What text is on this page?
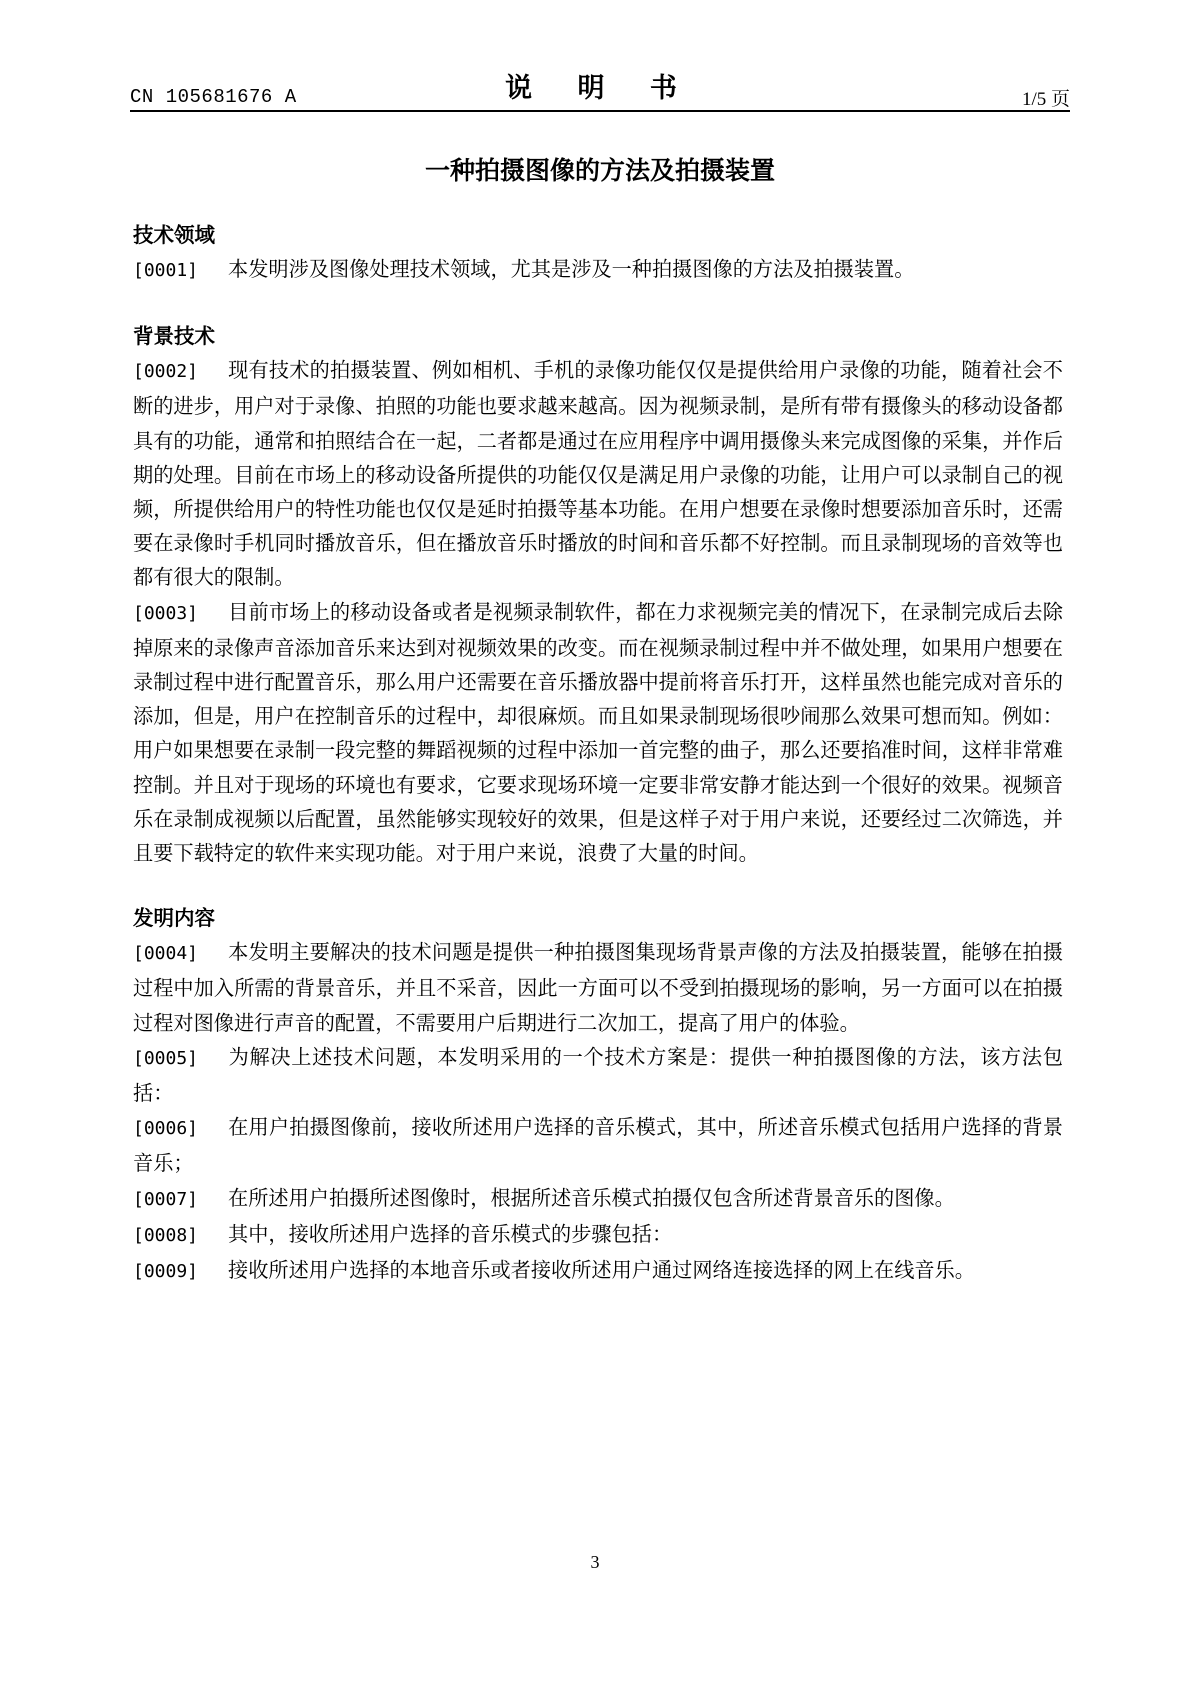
CN 105681676 A	说 明 书	1/5 页
一种拍摄图像的方法及拍摄装置
技术领域
[0001] 本发明涉及图像处理技术领域，尤其是涉及一种拍摄图像的方法及拍摄装置。
背景技术
[0002] 现有技术的拍摄装置、例如相机、手机的录像功能仅仅是提供给用户录像的功能，随着社会不断的进步，用户对于录像、拍照的功能也要求越来越高。因为视频录制，是所有带有摄像头的移动设备都具有的功能，通常和拍照结合在一起，二者都是通过在应用程序中调用摄像头来完成图像的采集，并作后期的处理。目前在市场上的移动设备所提供的功能仅仅是满足用户录像的功能，让用户可以录制自己的视频，所提供给用户的特性功能也仅仅是延时拍摄等基本功能。在用户想要在录像时想要添加音乐时，还需要在录像时手机同时播放音乐，但在播放音乐时播放的时间和音乐都不好控制。而且录制现场的音效等也都有很大的限制。
[0003] 目前市场上的移动设备或者是视频录制软件，都在力求视频完美的情况下，在录制完成后去除掉原来的录像声音添加音乐来达到对视频效果的改变。而在视频录制过程中并不做处理，如果用户想要在录制过程中进行配置音乐，那么用户还需要在音乐播放器中提前将音乐打开，这样虽然也能完成对音乐的添加，但是，用户在控制音乐的过程中，却很麻烦。而且如果录制现场很吵闹那么效果可想而知。例如：用户如果想要在录制一段完整的舞蹈视频的过程中添加一首完整的曲子，那么还要掐准时间，这样非常难控制。并且对于现场的环境也有要求，它要求现场环境一定要非常安静才能达到一个很好的效果。视频音乐在录制成视频以后配置，虽然能够实现较好的效果，但是这样子对于用户来说，还要经过二次筛选，并且要下载特定的软件来实现功能。对于用户来说，浪费了大量的时间。
发明内容
[0004] 本发明主要解决的技术问题是提供一种拍摄图集现场背景声像的方法及拍摄装置，能够在拍摄过程中加入所需的背景音乐，并且不采音，因此一方面可以不受到拍摄现场的影响，另一方面可以在拍摄过程对图像进行声音的配置，不需要用户后期进行二次加工，提高了用户的体验。
[0005] 为解决上述技术问题，本发明采用的一个技术方案是：提供一种拍摄图像的方法，该方法包括：
[0006] 在用户拍摄图像前，接收所述用户选择的音乐模式，其中，所述音乐模式包括用户选择的背景音乐；
[0007] 在所述用户拍摄所述图像时，根据所述音乐模式拍摄仅包含所述背景音乐的图像。
[0008] 其中，接收所述用户选择的音乐模式的步骤包括：
[0009] 接收所述用户选择的本地音乐或者接收所述用户通过网络连接选择的网上在线音乐。
3
